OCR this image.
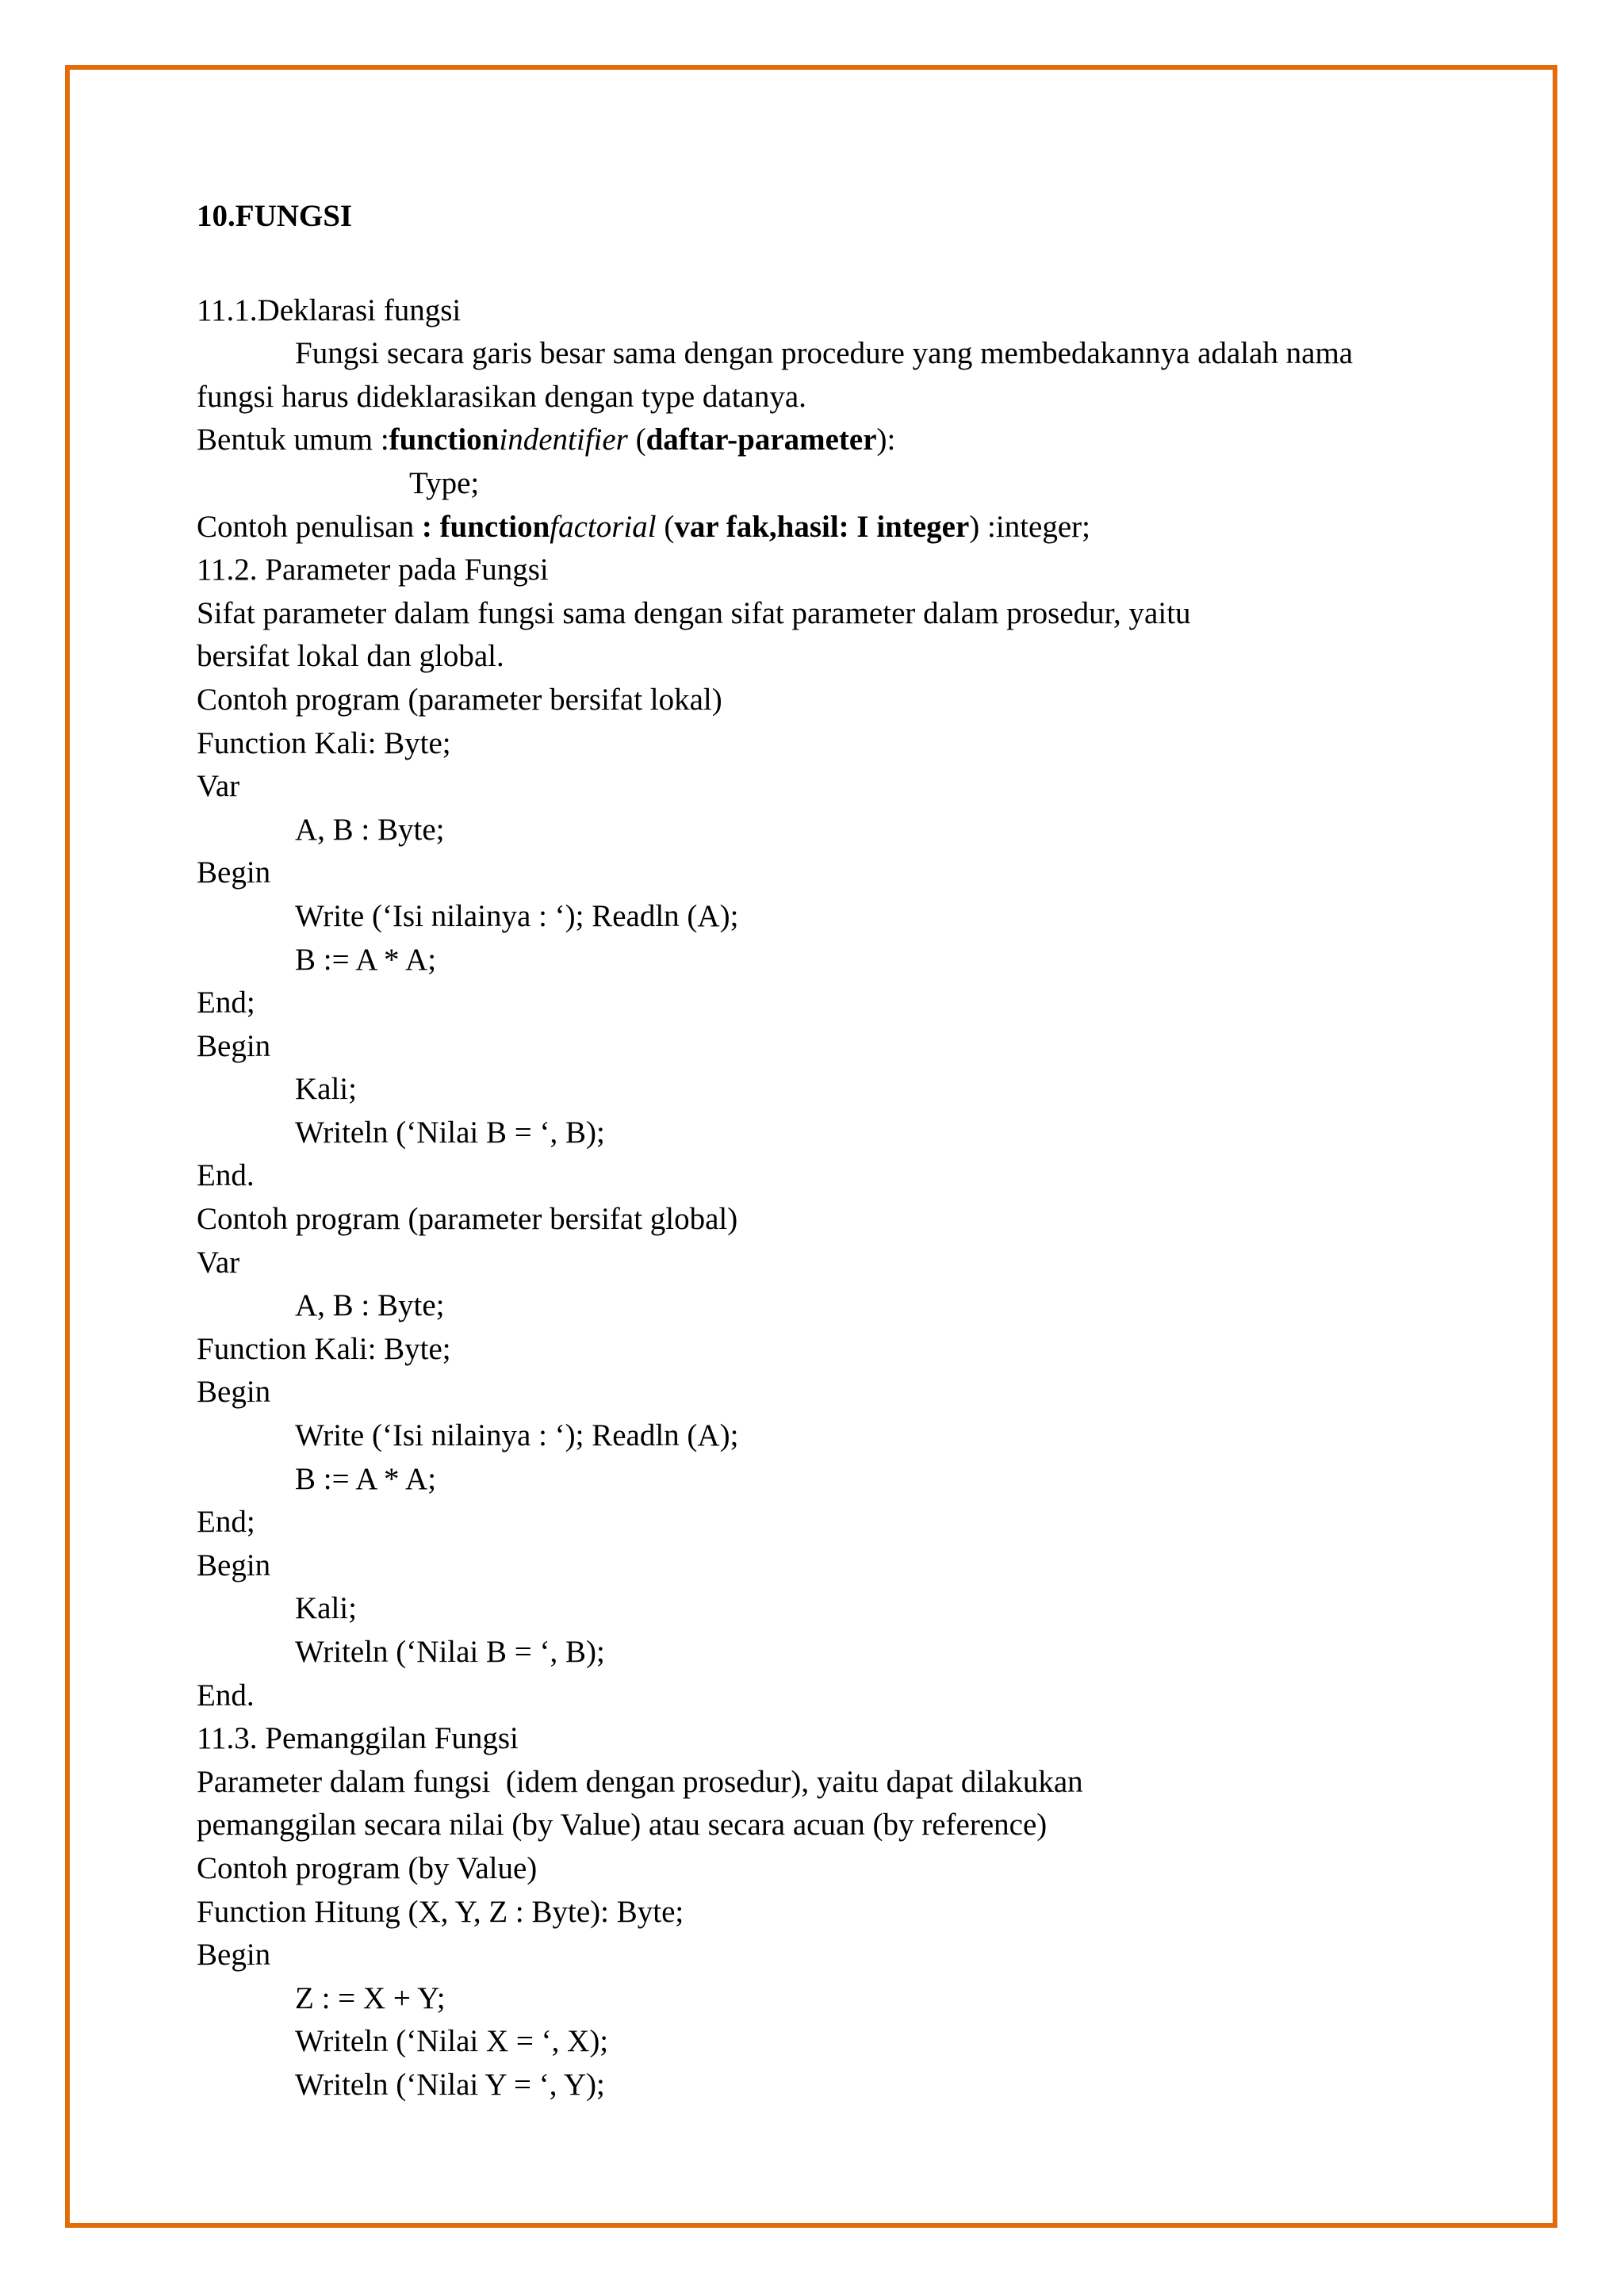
10.FUNGSI
11.1.Deklarasi fungsi
Fungsi secara garis besar sama dengan procedure yang membedakannya adalah nama
fungsi harus dideklarasikan dengan type datanya.
Bentuk umum :functionindentifier (daftar-parameter):
Type;
Contoh penulisan : functionfactorial (var fak,hasil: I integer) :integer;
11.2. Parameter pada Fungsi
Sifat parameter dalam fungsi sama dengan sifat parameter dalam prosedur, yaitu
bersifat lokal dan global.
Contoh program (parameter bersifat lokal)
Function Kali: Byte;
Var
A, B : Byte;
Begin
Write (‘Isi nilainya : ‘); Readln (A);
B := A * A;
End;
Begin
Kali;
Writeln (‘Nilai B = ‘, B);
End.
Contoh program (parameter bersifat global)
Var
A, B : Byte;
Function Kali: Byte;
Begin
Write (‘Isi nilainya : ‘); Readln (A);
B := A * A;
End;
Begin
Kali;
Writeln (‘Nilai B = ‘, B);
End.
11.3. Pemanggilan Fungsi
Parameter dalam fungsi  (idem dengan prosedur), yaitu dapat dilakukan
pemanggilan secara nilai (by Value) atau secara acuan (by reference)
Contoh program (by Value)
Function Hitung (X, Y, Z : Byte): Byte;
Begin
Z : = X + Y;
Writeln (‘Nilai X = ‘, X);
Writeln (‘Nilai Y = ‘, Y);
